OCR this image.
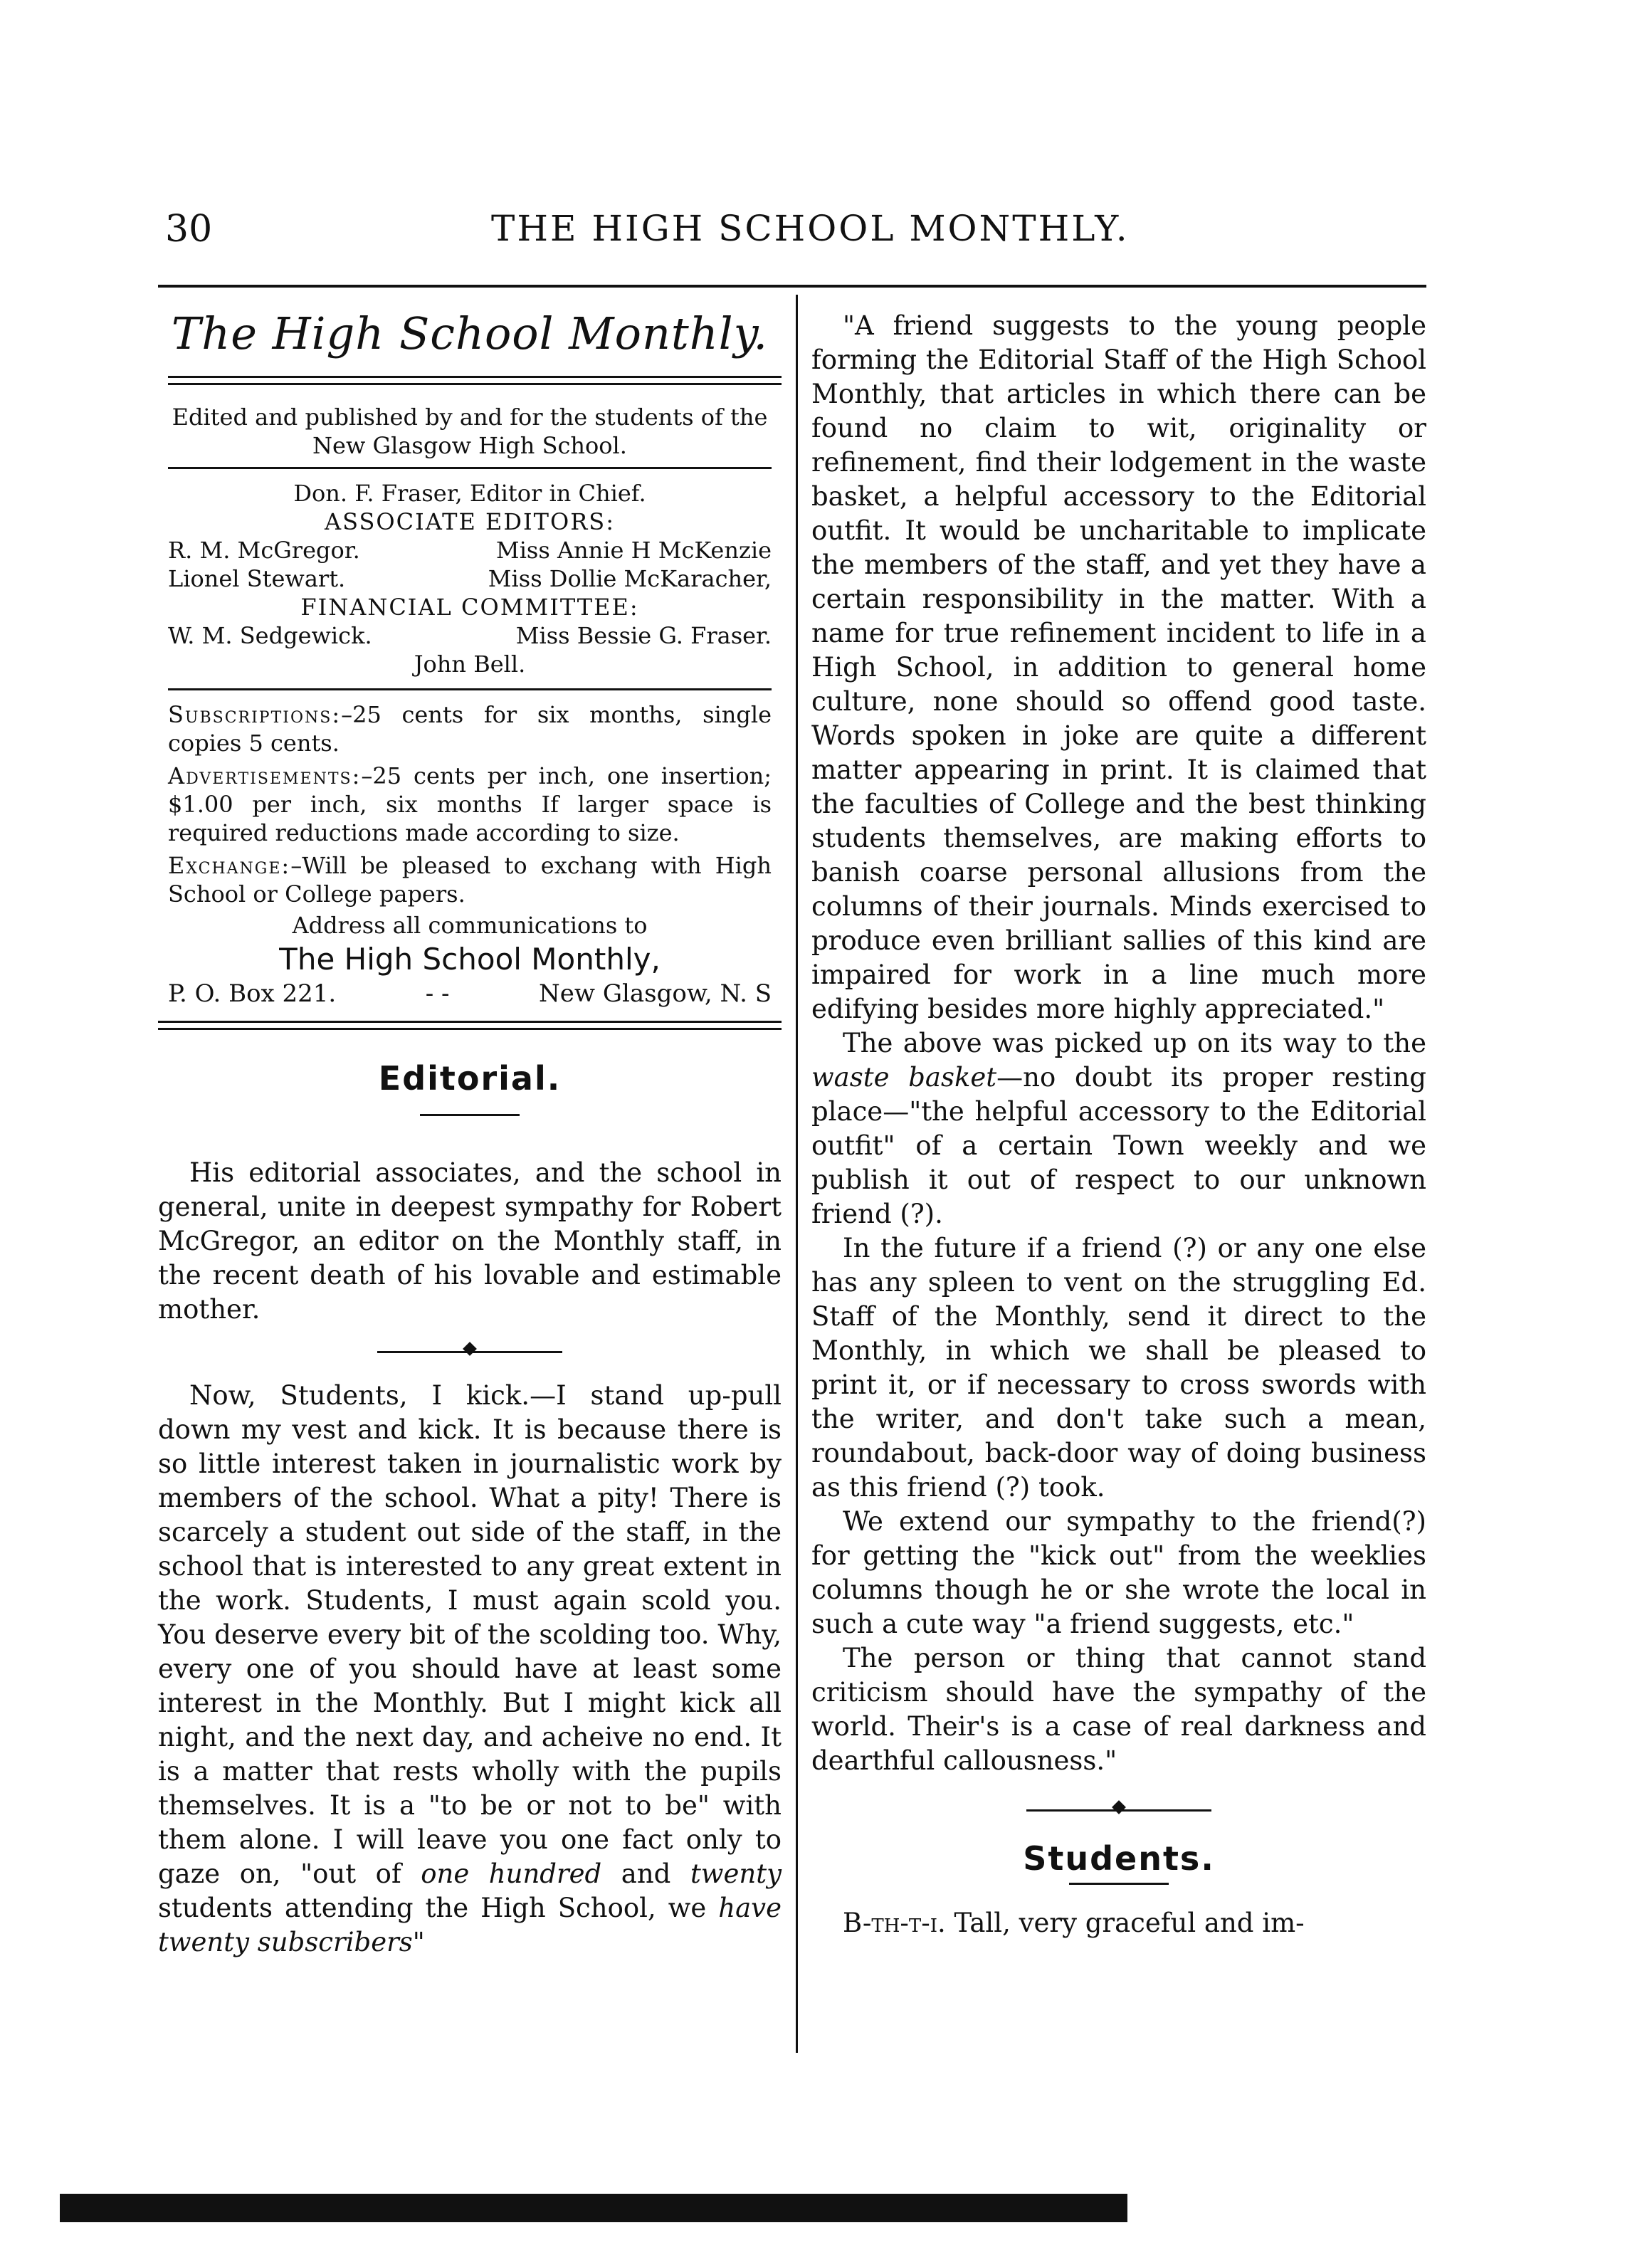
30	THE HIGH SCHOOL MONTHLY.
The High School Monthly.

Edited and published by and for the students of the New Glasgow High School.

Don. F. Fraser, Editor in Chief.

ASSOCIATE EDITORS:

R. M. McGregor.	Miss Annie H McKenzie
Lionel Stewart.	Miss Dollie McKaracher,

FINANCIAL COMMITTEE:

W. M. Sedgewick.	Miss Bessie G. Fraser.

John Bell.

Subscriptions:–25 cents for six months, single copies 5 cents.

Advertisements:–25 cents per inch, one insertion; $1.00 per inch, six months If larger space is required reductions made according to size.

Exchange:–Will be pleased to exchang with High School or College papers.

Address all communications to

The High School Monthly,

P. O. Box 221.	- -	New Glasgow, N. S
Editorial.

His editorial associates, and the school in general, unite in deepest sympathy for Robert McGregor, an editor on the Monthly staff, in the recent death of his lovable and estimable mother.

Now, Students, I kick.—I stand up-pull down my vest and kick. It is because there is so little interest taken in journalistic work by members of the school. What a pity! There is scarcely a student out side of the staff, in the school that is interested to any great extent in the work. Students, I must again scold you. You deserve every bit of the scolding too. Why, every one of you should have at least some interest in the Monthly. But I might kick all night, and the next day, and acheive no end. It is a matter that rests wholly with the pupils themselves. It is a "to be or not to be" with them alone. I will leave you one fact only to gaze on, "out of one hundred and twenty students attending the High School, we have twenty subscribers"

"A friend suggests to the young people forming the Editorial Staff of the High School Monthly, that articles in which there can be found no claim to wit, originality or refinement, find their lodgement in the waste basket, a helpful accessory to the Editorial outfit. It would be uncharitable to implicate the members of the staff, and yet they have a certain responsibility in the matter. With a name for true refinement incident to life in a High School, in addition to general home culture, none should so offend good taste. Words spoken in joke are quite a different matter appearing in print. It is claimed that the faculties of College and the best thinking students themselves, are making efforts to banish coarse personal allusions from the columns of their journals. Minds exercised to produce even brilliant sallies of this kind are impaired for work in a line much more edifying besides more highly appreciated."

The above was picked up on its way to the waste basket—no doubt its proper resting place—"the helpful accessory to the Editorial outfit" of a certain Town weekly and we publish it out of respect to our unknown friend (?).

In the future if a friend (?) or any one else has any spleen to vent on the struggling Ed. Staff of the Monthly, send it direct to the Monthly, in which we shall be pleased to print it, or if necessary to cross swords with the writer, and don't take such a mean, roundabout, back-door way of doing business as this friend (?) took.

We extend our sympathy to the friend(?) for getting the "kick out" from the weeklies columns though he or she wrote the local in such a cute way "a friend suggests, etc."

The person or thing that cannot stand criticism should have the sympathy of the world. Their's is a case of real darkness and dearthful callousness."

Students.

B-th-t-i. Tall, very graceful and im-
